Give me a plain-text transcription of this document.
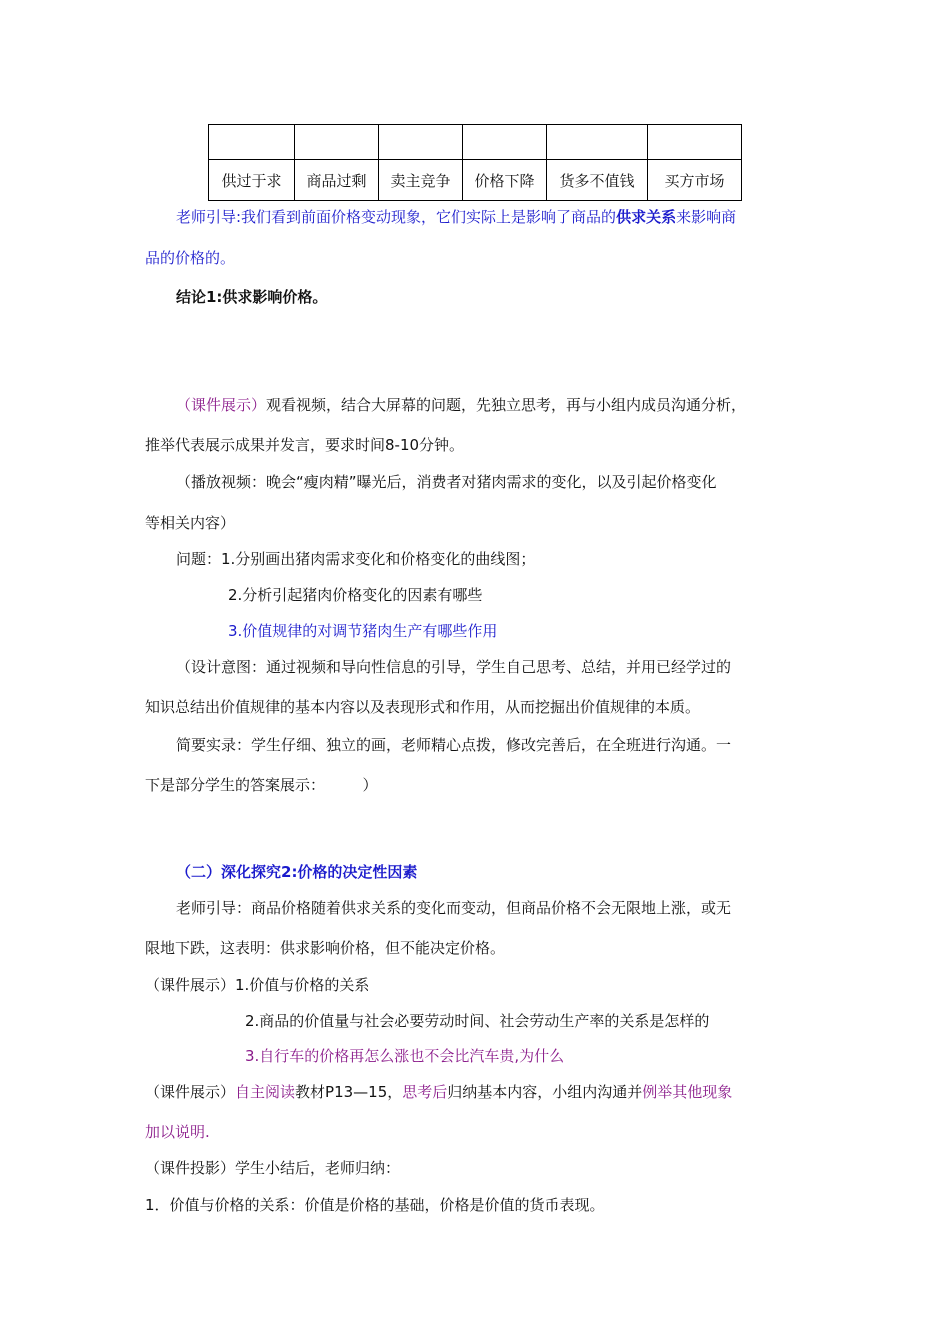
供过于求	商品过剩	卖主竞争	价格下降	货多不值钱	买方市场
老师引导:我们看到前面价格变动现象，它们实际上是影响了商品的供求关系来影响商
品的价格的。
结论1:供求影响价格。
（课件展示）观看视频，结合大屏幕的问题，先独立思考，再与小组内成员沟通分析，
推举代表展示成果并发言，要求时间8-10分钟。
（播放视频：晚会“瘦肉精”曝光后，消费者对猪肉需求的变化，以及引起价格变化
等相关内容）
问题：1.分别画出猪肉需求变化和价格变化的曲线图；
2.分析引起猪肉价格变化的因素有哪些
3.价值规律的对调节猪肉生产有哪些作用
（设计意图：通过视频和导向性信息的引导，学生自己思考、总结，并用已经学过的
知识总结出价值规律的基本内容以及表现形式和作用，从而挖掘出价值规律的本质。
简要实录：学生仔细、独立的画，老师精心点拨，修改完善后，在全班进行沟通。一
下是部分学生的答案展示：　　　）
（二）深化探究2:价格的决定性因素
老师引导：商品价格随着供求关系的变化而变动，但商品价格不会无限地上涨，或无
限地下跌，这表明：供求影响价格，但不能决定价格。
（课件展示）1.价值与价格的关系
2.商品的价值量与社会必要劳动时间、社会劳动生产率的关系是怎样的
3.自行车的价格再怎么涨也不会比汽车贵,为什么
（课件展示）自主阅读教材P13—15，思考后归纳基本内容，小组内沟通并例举其他现象
加以说明.
（课件投影）学生小结后，老师归纳：
1．价值与价格的关系：价值是价格的基础，价格是价值的货币表现。
